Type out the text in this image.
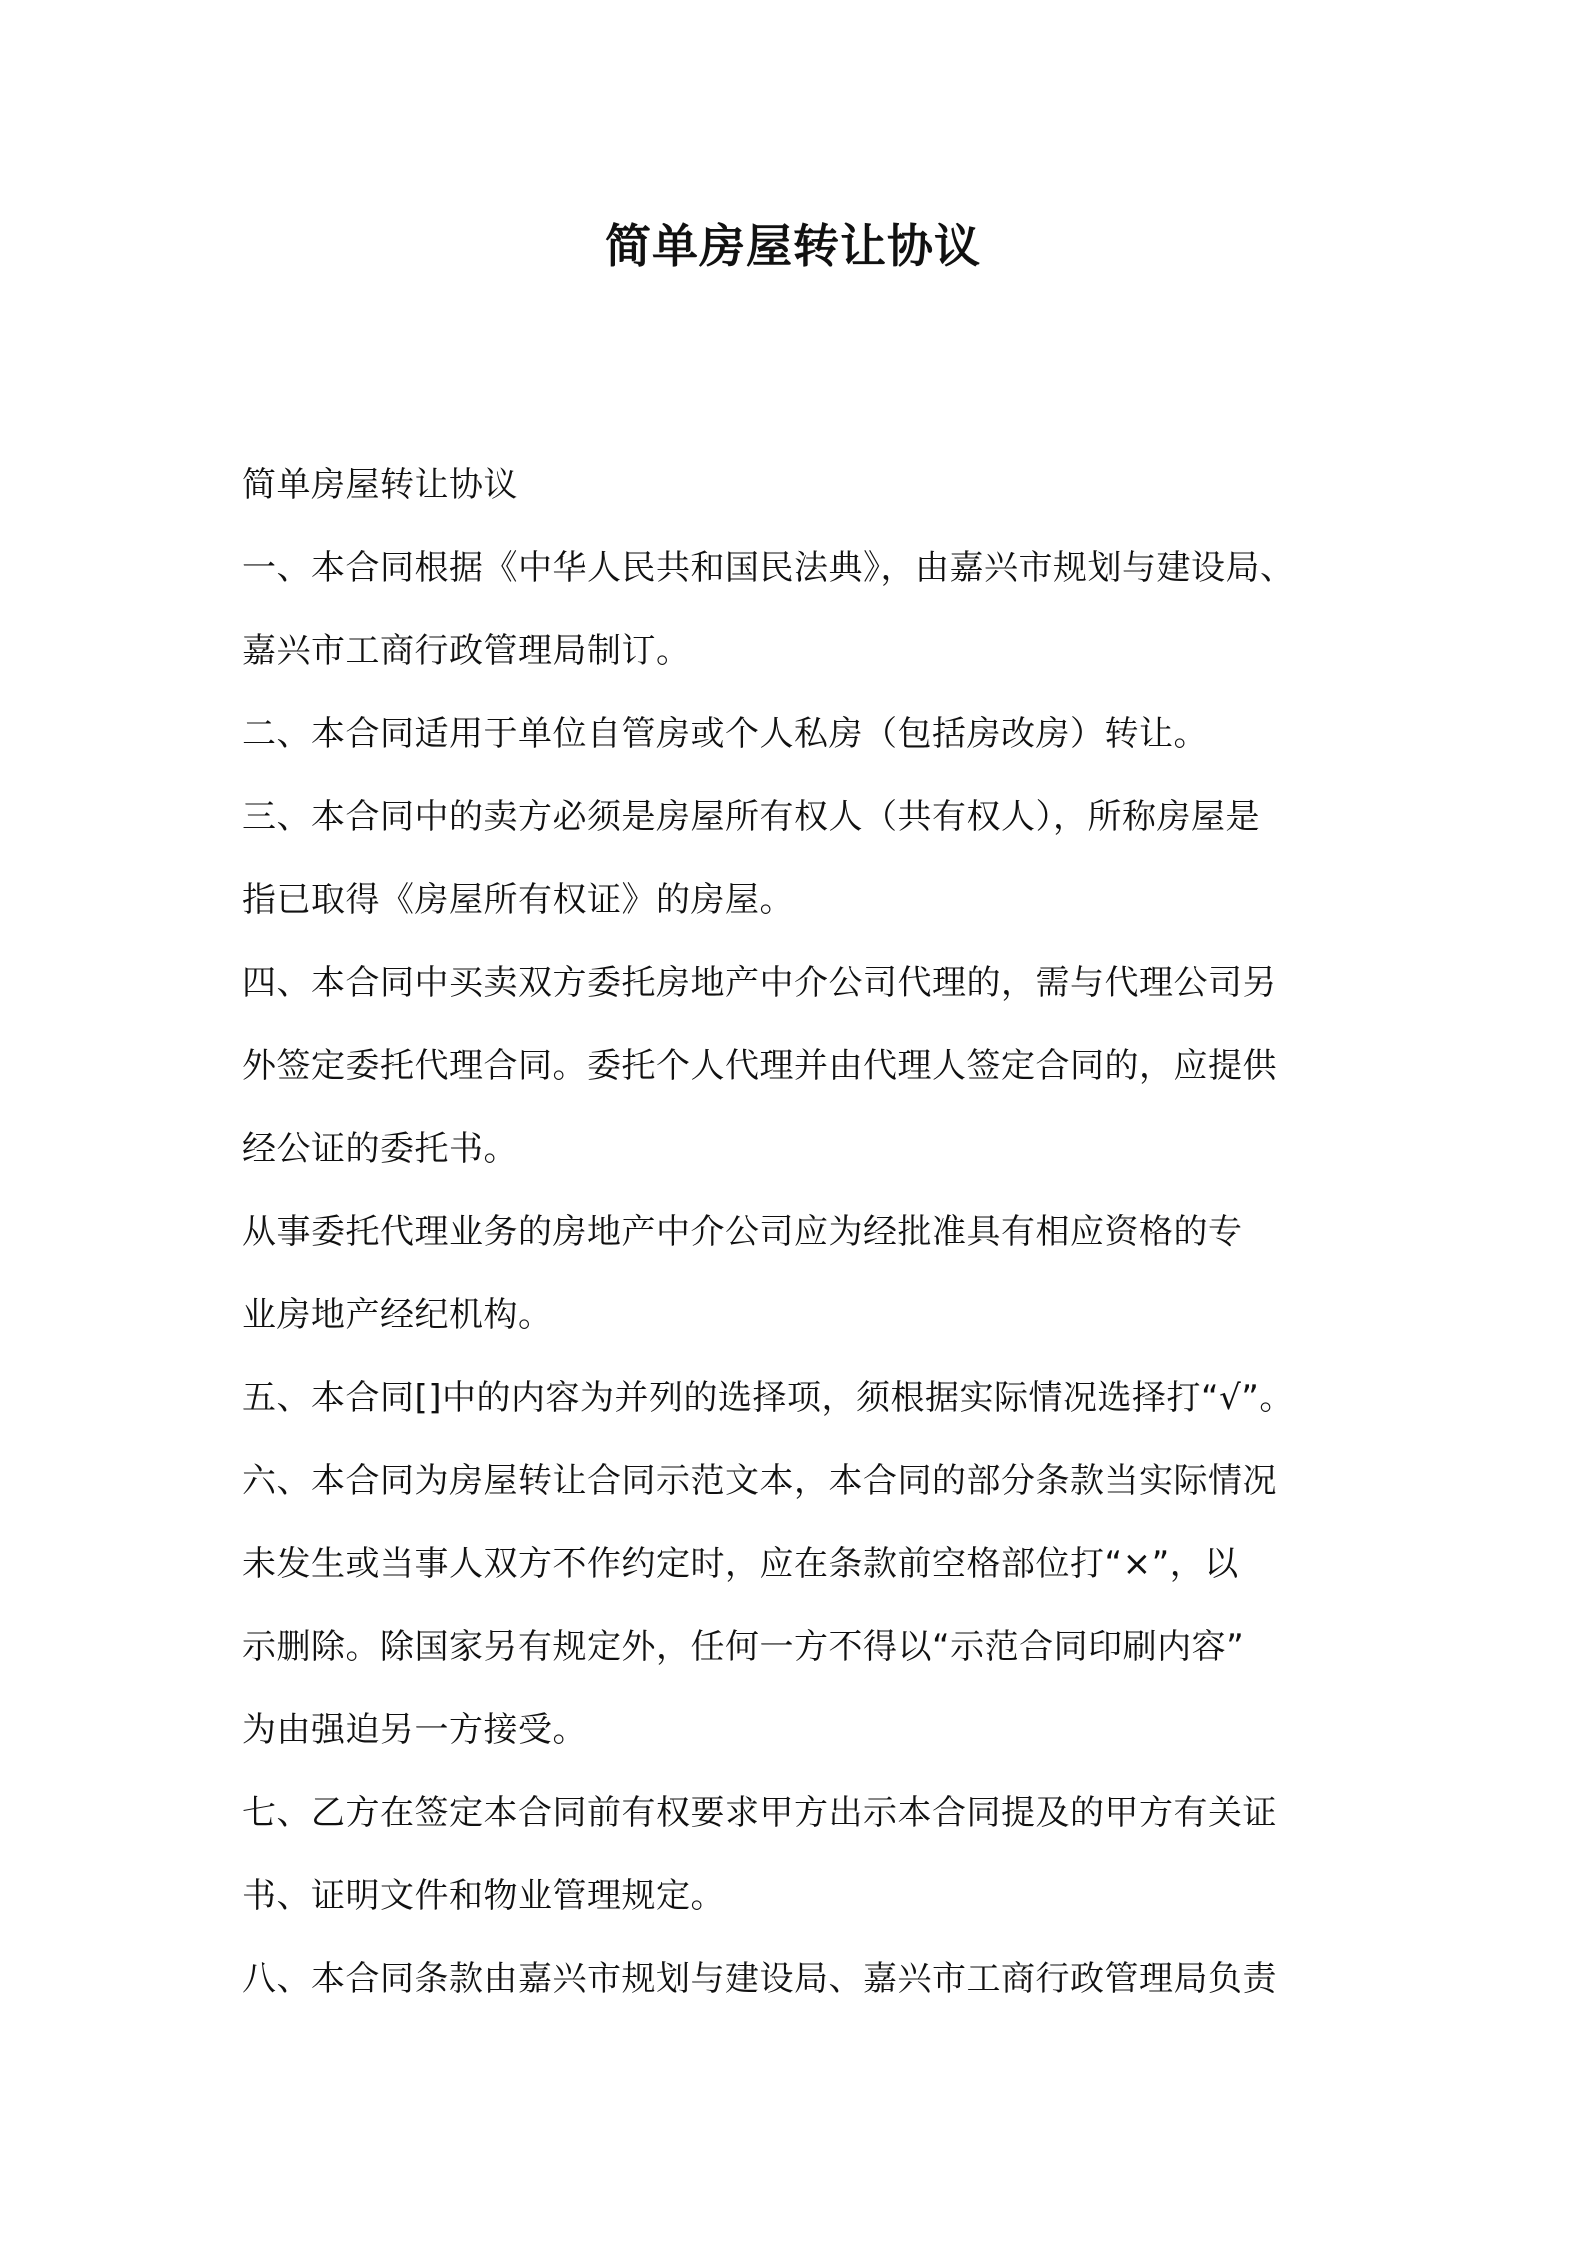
简单房屋转让协议

简单房屋转让协议

一、本合同根据《中华人民共和国民法典》，由嘉兴市规划与建设局、

嘉兴市工商行政管理局制订。

二、本合同适用于单位自管房或个人私房（包括房改房）转让。

三、本合同中的卖方必须是房屋所有权人（共有权人），所称房屋是

指已取得《房屋所有权证》的房屋。

四、本合同中买卖双方委托房地产中介公司代理的，需与代理公司另

外签定委托代理合同。委托个人代理并由代理人签定合同的，应提供

经公证的委托书。

从事委托代理业务的房地产中介公司应为经批准具有相应资格的专

业房地产经纪机构。

五、本合同[]中的内容为并列的选择项，须根据实际情况选择打“√”。

六、本合同为房屋转让合同示范文本，本合同的部分条款当实际情况

未发生或当事人双方不作约定时，应在条款前空格部位打“×”，以

示删除。除国家另有规定外，任何一方不得以“示范合同印刷内容”

为由强迫另一方接受。

七、乙方在签定本合同前有权要求甲方出示本合同提及的甲方有关证

书、证明文件和物业管理规定。

八、本合同条款由嘉兴市规划与建设局、嘉兴市工商行政管理局负责
